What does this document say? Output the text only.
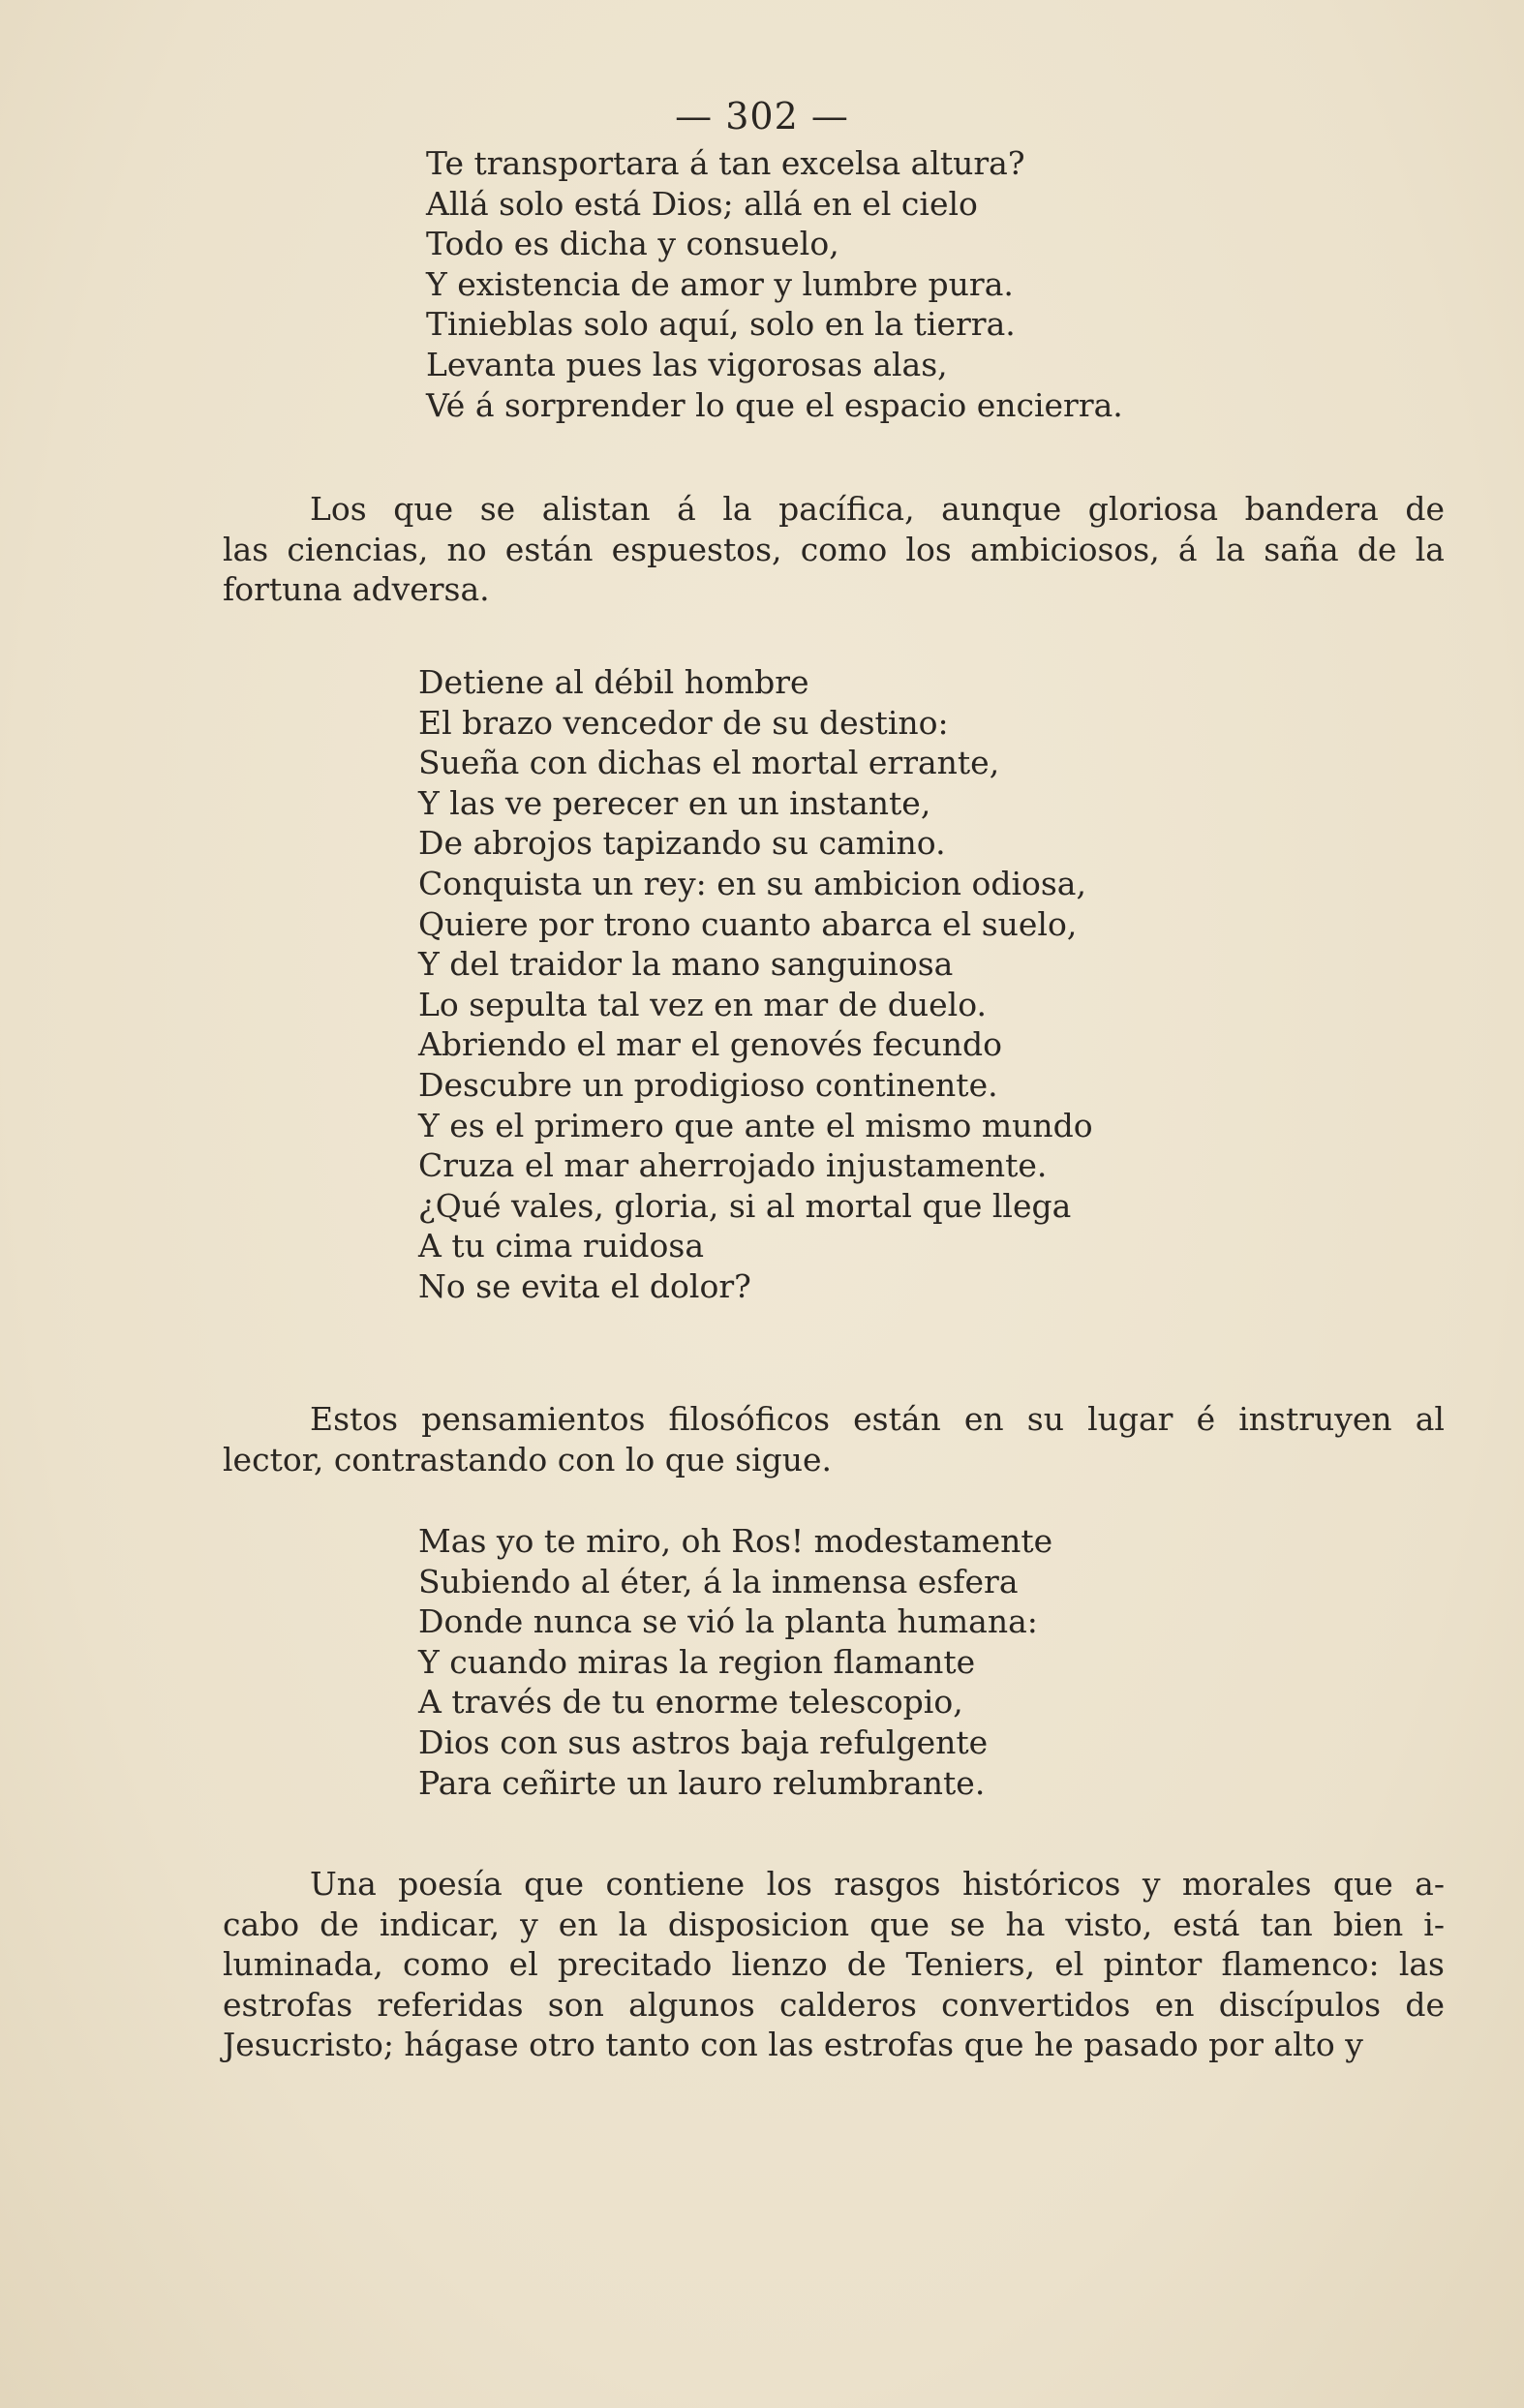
— 302 —
Te transportara á tan excelsa altura?
Allá solo está Dios; allá en el cielo
Todo es dicha y consuelo,
Y existencia de amor y lumbre pura.
Tinieblas solo aquí, solo en la tierra.
Levanta pues las vigorosas alas,
Vé á sorprender lo que el espacio encierra.
Los que se alistan á la pacífica, aunque gloriosa bandera de
las ciencias, no están espuestos, como los ambiciosos, á la saña de la
fortuna adversa.
Detiene al débil hombre
El brazo vencedor de su destino:
Sueña con dichas el mortal errante,
Y las ve perecer en un instante,
De abrojos tapizando su camino.
Conquista un rey: en su ambicion odiosa,
Quiere por trono cuanto abarca el suelo,
Y del traidor la mano sanguinosa
Lo sepulta tal vez en mar de duelo.
Abriendo el mar el genovés fecundo
Descubre un prodigioso continente.
Y es el primero que ante el mismo mundo
Cruza el mar aherrojado injustamente.
¿Qué vales, gloria, si al mortal que llega
A tu cima ruidosa
No se evita el dolor?
Estos pensamientos filosóficos están en su lugar é instruyen al
lector, contrastando con lo que sigue.
Mas yo te miro, oh Ros! modestamente
Subiendo al éter, á la inmensa esfera
Donde nunca se vió la planta humana:
Y cuando miras la region flamante
A través de tu enorme telescopio,
Dios con sus astros baja refulgente
Para ceñirte un lauro relumbrante.
Una poesía que contiene los rasgos históricos y morales que a-
cabo de indicar, y en la disposicion que se ha visto, está tan bien i-
luminada, como el precitado lienzo de Teniers, el pintor flamenco: las
estrofas referidas son algunos calderos convertidos en discípulos de
Jesucristo; hágase otro tanto con las estrofas que he pasado por alto y
